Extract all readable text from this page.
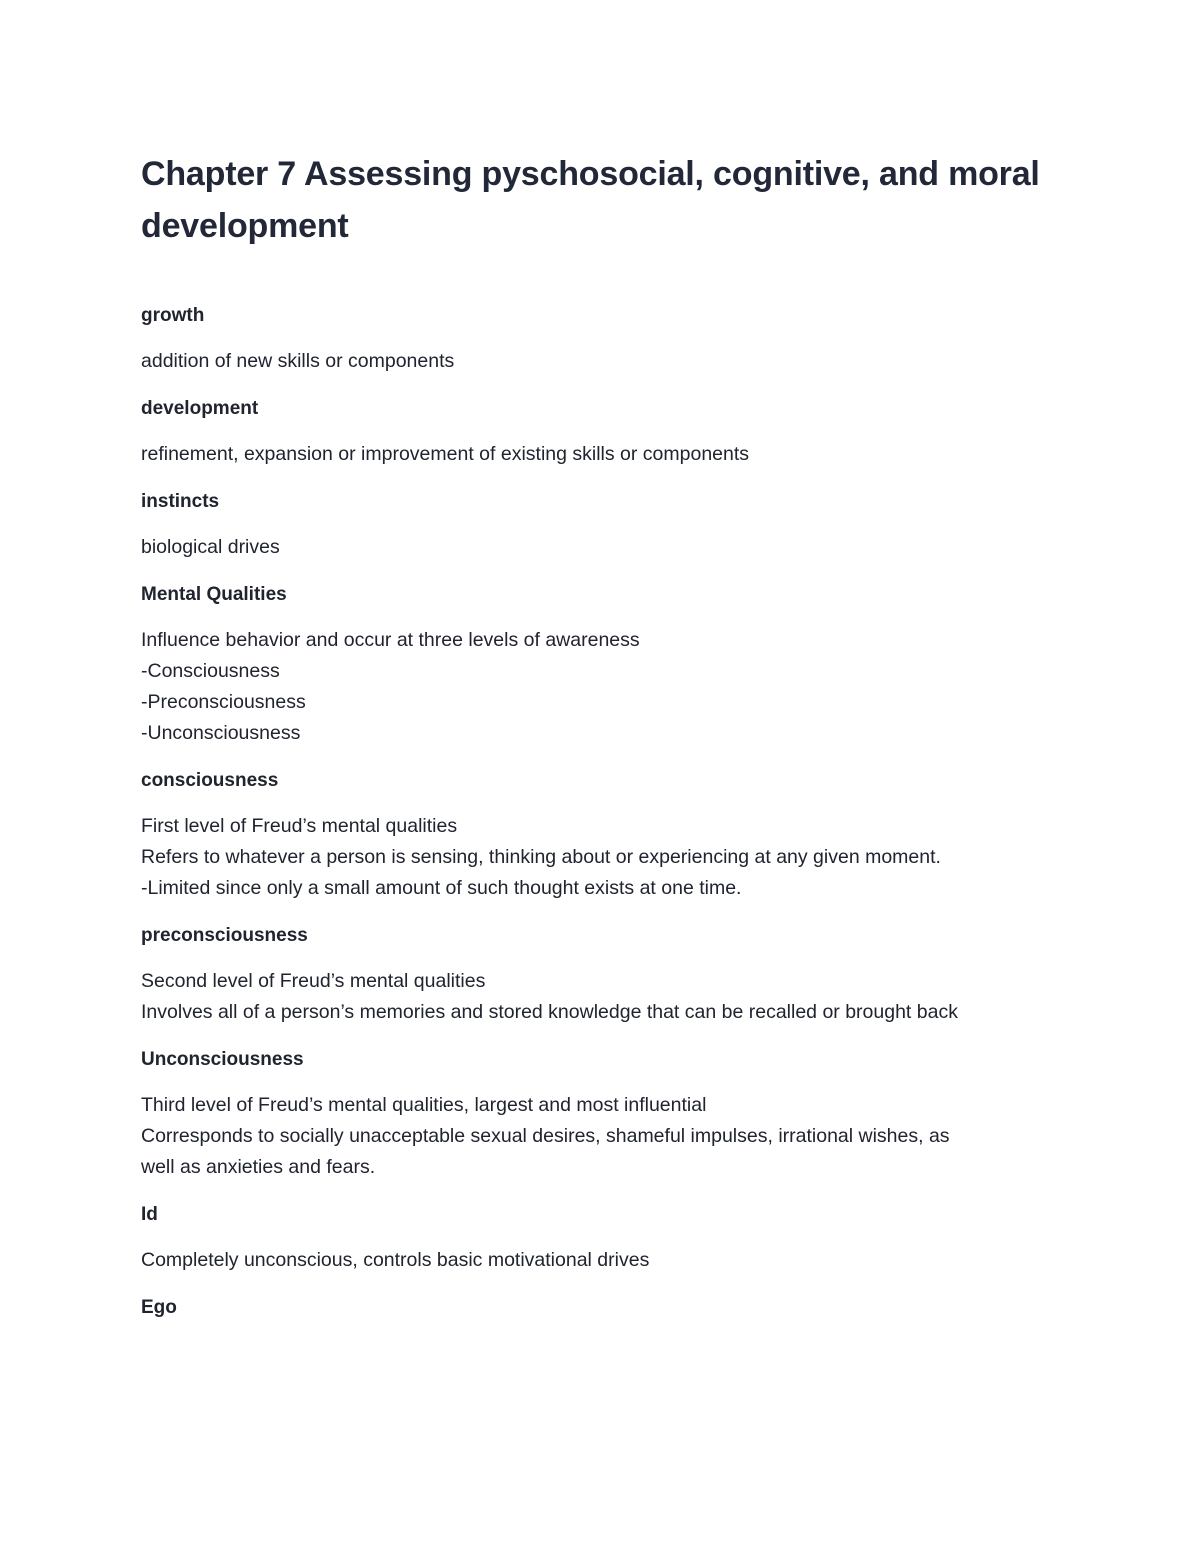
Chapter 7 Assessing pyschosocial, cognitive, and moral development

growth

addition of new skills or components

development

refinement, expansion or improvement of existing skills or components

instincts

biological drives

Mental Qualities

Influence behavior and occur at three levels of awareness
-Consciousness
-Preconsciousness
-Unconsciousness

consciousness

First level of Freud’s mental qualities
Refers to whatever a person is sensing, thinking about or experiencing at any given moment.
-Limited since only a small amount of such thought exists at one time.

preconsciousness

Second level of Freud’s mental qualities
Involves all of a person’s memories and stored knowledge that can be recalled or brought back

Unconsciousness

Third level of Freud’s mental qualities, largest and most influential
Corresponds to socially unacceptable sexual desires, shameful impulses, irrational wishes, as
well as anxieties and fears.

Id

Completely unconscious, controls basic motivational drives

Ego
